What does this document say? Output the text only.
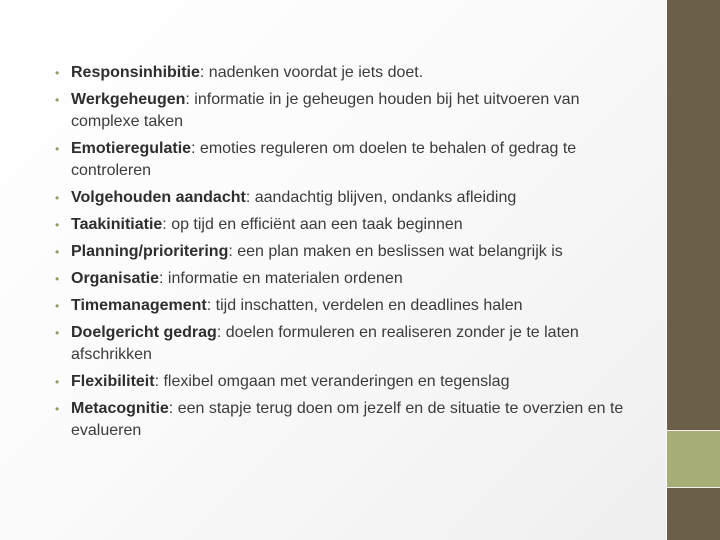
• Responsinhibitie: nadenken voordat je iets doet.
• Werkgeheugen: informatie in je geheugen houden bij het uitvoeren van complexe taken
• Emotieregulatie: emoties reguleren om doelen te behalen of gedrag te controleren
• Volgehouden aandacht: aandachtig blijven, ondanks afleiding
• Taakinitiatie: op tijd en efficiënt aan een taak beginnen
• Planning/prioritering: een plan maken en beslissen wat belangrijk is
• Organisatie: informatie en materialen ordenen
• Timemanagement: tijd inschatten, verdelen en deadlines halen
• Doelgericht gedrag: doelen formuleren en realiseren zonder je te laten afschrikken
• Flexibiliteit: flexibel omgaan met veranderingen en tegenslag
• Metacognitie: een stapje terug doen om jezelf en de situatie te overzien en te evalueren
